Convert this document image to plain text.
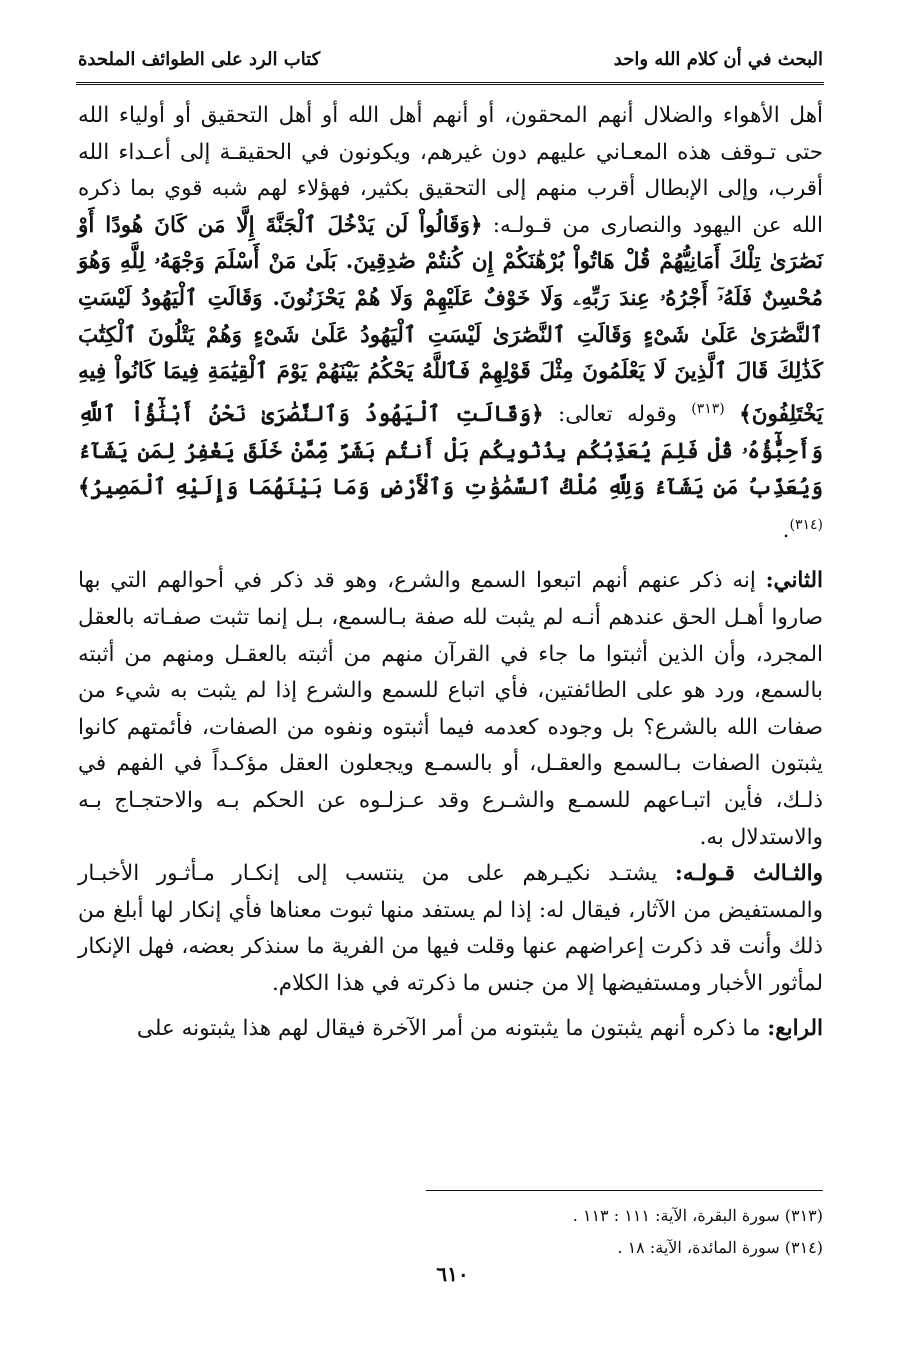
البحث في أن كلام الله واحد
كتاب الرد على الطوائف الملحدة

أهل الأهواء والضلال أنهم المحقون، أو أنهم أهل الله أو أهل التحقيق أو أولياء الله حتى تـوقف هذه المعـاني عليهم دون غيرهم، ويكونون في الحقيقـة إلى أعـداء الله أقرب، وإلى الإبطال أقرب منهم إلى التحقيق بكثير، فهؤلاء لهم شبه قوي بما ذكره الله عن اليهود والنصارى من قـولـه: ﴿وَقَالُواْ لَن يَدْخُلَ ٱلْجَنَّةَ إِلَّا مَن كَانَ هُودًا أَوْ نَصَٰرَىٰ تِلْكَ أَمَانِيُّهُمْ قُلْ هَاتُواْ بُرْهَٰنَكُمْ إِن كُنتُمْ صَٰدِقِينَ. بَلَىٰ مَنْ أَسْلَمَ وَجْهَهُۥ لِلَّهِ وَهُوَ مُحْسِنٌ فَلَهُۥٓ أَجْرُهُۥ عِندَ رَبِّهِۦ وَلَا خَوْفٌ عَلَيْهِمْ وَلَا هُمْ يَحْزَنُونَ. وَقَالَتِ ٱلْيَهُودُ لَيْسَتِ ٱلنَّصَٰرَىٰ عَلَىٰ شَىْءٍ وَقَالَتِ ٱلنَّصَٰرَىٰ لَيْسَتِ ٱلْيَهُودُ عَلَىٰ شَىْءٍ وَهُمْ يَتْلُونَ ٱلْكِتَٰبَ كَذَٰلِكَ قَالَ ٱلَّذِينَ لَا يَعْلَمُونَ مِثْلَ قَوْلِهِمْ فَٱللَّهُ يَحْكُمُ بَيْنَهُمْ يَوْمَ ٱلْقِيَٰمَةِ فِيمَا كَانُواْ فِيهِ يَخْتَلِفُونَ﴾ $^{(٣١٣)}$ وقوله تعالى: ﴿وَقَالَتِ ٱلْيَهُودُ وَٱلنَّصَٰرَىٰ نَحْنُ أَبْنَٰٓؤُاْ ٱللَّهِ وَأَحِبَّٰٓؤُهُۥ قُلْ فَلِمَ يُعَذِّبُكُم بِذُنُوبِكُم بَلْ أَنتُم بَشَرٌ مِّمَّنْ خَلَقَ يَغْفِرُ لِمَن يَشَآءُ وَيُعَذِّبُ مَن يَشَآءُ وَلِلَّهِ مُلْكُ ٱلسَّمَٰوَٰتِ وَٱلْأَرْضِ وَمَا بَيْنَهُمَا وَإِلَيْهِ ٱلْمَصِيرُ﴾ $^{(٣١٤)}$.

الثاني: إنه ذكر عنهم أنهم اتبعوا السمع والشرع، وهو قد ذكر في أحوالهم التي بها صاروا أهـل الحق عندهم أنـه لم يثبت لله صفة بـالسمع، بـل إنما تثبت صفـاته بالعقل المجرد، وأن الذين أثبتوا ما جاء في القرآن منهم من أثبته بالعقـل ومنهم من أثبته بالسمع، ورد هو على الطائفتين، فأي اتباع للسمع والشرع إذا لم يثبت به شيء من صفات الله بالشرع؟ بل وجوده كعدمه فيما أثبتوه ونفوه من الصفات، فأئمتهم كانوا يثبتون الصفات بـالسمع والعقـل، أو بالسمـع ويجعلون العقل مؤكـداً في الفهم في ذلـك، فأين اتبـاعهم للسمـع والشـرع وقد عـزلـوه عن الحكم بـه والاحتجـاج بـه والاستدلال به.

والثـالث قـولـه: يشتـد نكيـرهم على من ينتسب إلى إنكـار مـأثـور الأخبـار والمستفيض من الآثار، فيقال له: إذا لم يستفد منها ثبوت معناها فأي إنكار لها أبلغ من ذلك وأنت قد ذكرت إعراضهم عنها وقلت فيها من الفرية ما سنذكر بعضه، فهل الإنكار لمأثور الأخبار ومستفيضها إلا من جنس ما ذكرته في هذا الكلام.

الرابع: ما ذكره أنهم يثبتون ما يثبتونه من أمر الآخرة فيقال لهم هذا يثبتونه على

(٣١٣) سورة البقرة، الآية: ١١١ : ١١٣ .

(٣١٤) سورة المائدة، الآية: ١٨ .

٦١٠
